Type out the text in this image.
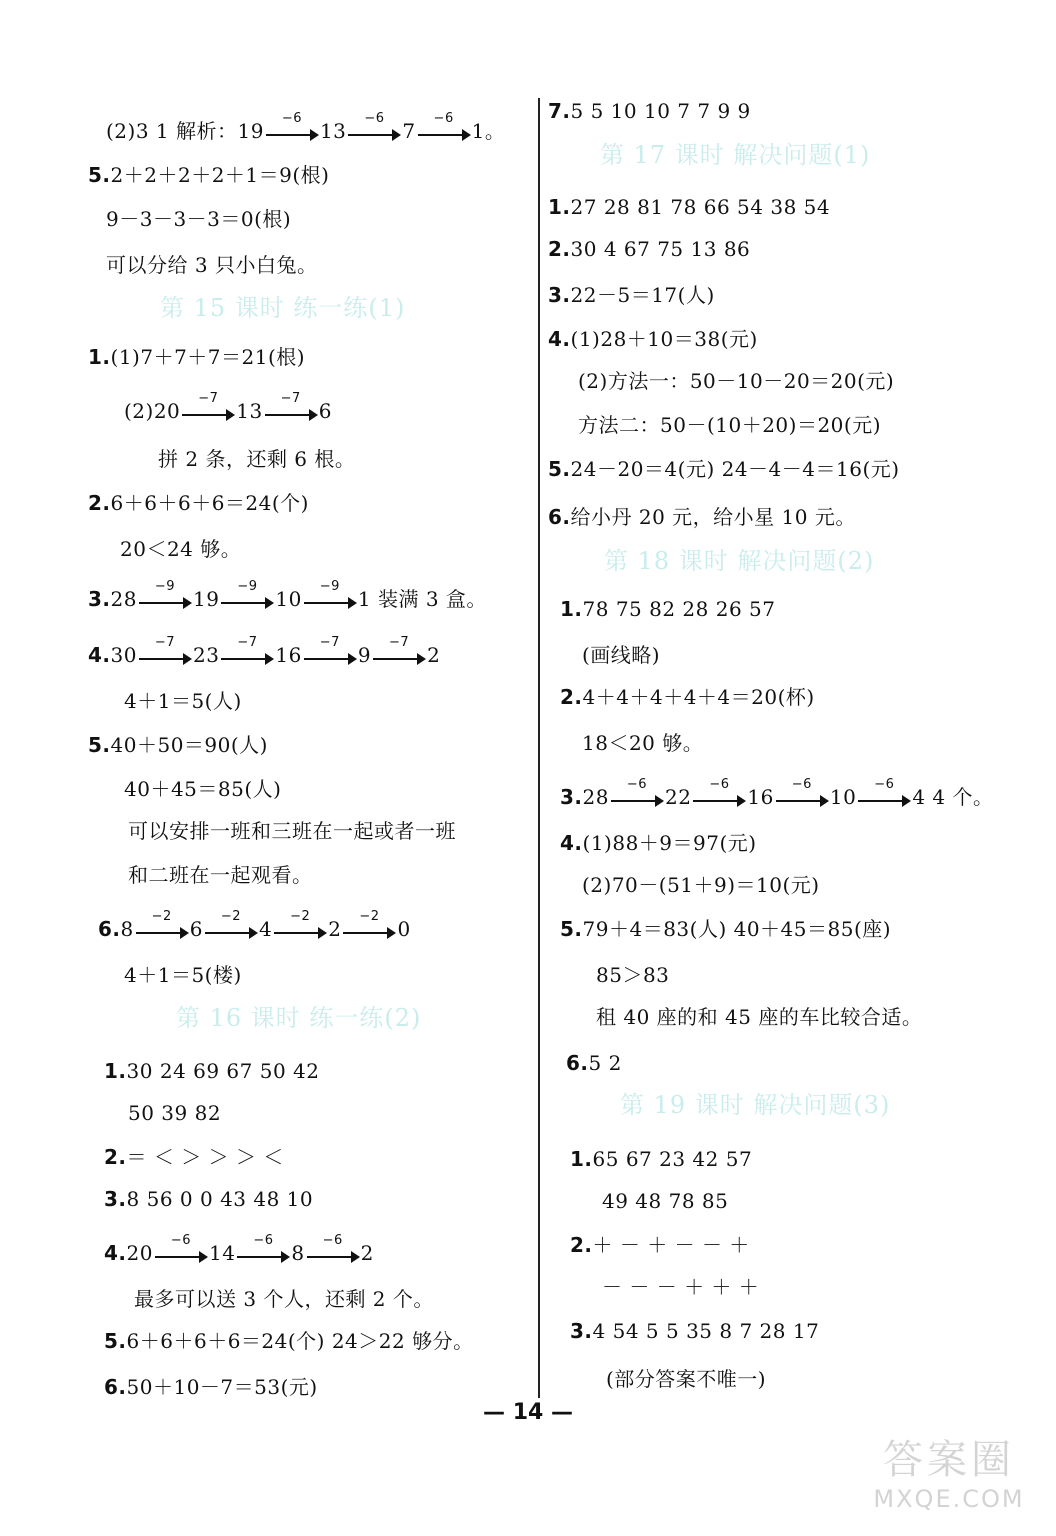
(2)3 1 解析：19
−6
13
−6
7
−6
1。
5.2＋2＋2＋2＋1＝9(根)
9－3－3－3＝0(根)
可以分给 3 只小白兔。
第 15 课时 练一练(1)
1.(1)7＋7＋7＝21(根)
(2)20
−7
13
−7
6
拼 2 条，还剩 6 根。
2.6＋6＋6＋6＝24(个)
20＜24 够。
3.28
−9
19
−9
10
−9
1 装满 3 盒。
4.30
−7
23
−7
16
−7
9
−7
2
4＋1＝5(人)
5.40＋50＝90(人)
40＋45＝85(人)
可以安排一班和三班在一起或者一班
和二班在一起观看。
6.8
−2
6
−2
4
−2
2
−2
0
4＋1＝5(楼)
第 16 课时 练一练(2)
1.30 24 69 67 50 42
50 39 82
2.＝ ＜ ＞ ＞ ＞ ＜
3.8 56 0 0 43 48 10
4.20
−6
14
−6
8
−6
2
最多可以送 3 个人，还剩 2 个。
5.6＋6＋6＋6＝24(个) 24＞22 够分。
6.50＋10－7＝53(元)
7.5 5 10 10 7 7 9 9
第 17 课时 解决问题(1)
1.27 28 81 78 66 54 38 54
2.30 4 67 75 13 86
3.22－5＝17(人)
4.(1)28＋10＝38(元)
(2)方法一：50－10－20＝20(元)
方法二：50－(10＋20)＝20(元)
5.24－20＝4(元) 24－4－4＝16(元)
6.给小丹 20 元，给小星 10 元。
第 18 课时 解决问题(2)
1.78 75 82 28 26 57
(画线略)
2.4＋4＋4＋4＋4＝20(杯)
18＜20 够。
3.28
−6
22
−6
16
−6
10
−6
4 4 个。
4.(1)88＋9＝97(元)
(2)70－(51＋9)＝10(元)
5.79＋4＝83(人) 40＋45＝85(座)
85＞83
租 40 座的和 45 座的车比较合适。
6.5 2
第 19 课时 解决问题(3)
1.65 67 23 42 57
49 48 78 85
2.＋ － ＋ － － ＋
－ － － ＋ ＋ ＋
3.4 54 5 5 35 8 7 28 17
(部分答案不唯一)
— 14 —
答案圈
MXQE.COM
